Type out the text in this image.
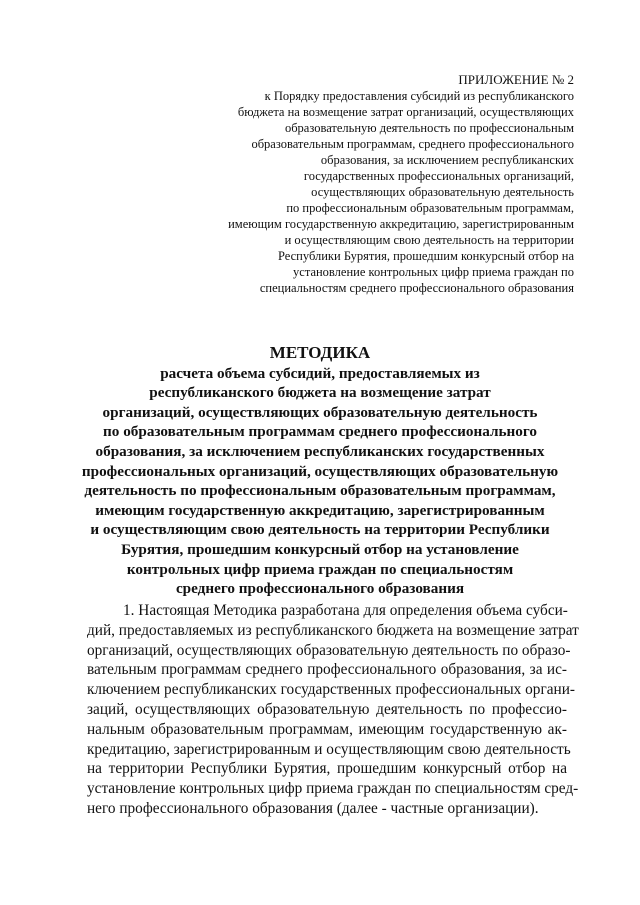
ПРИЛОЖЕНИЕ № 2
к Порядку предоставления субсидий из республиканского
бюджета на возмещение затрат организаций, осуществляющих
образовательную деятельность по профессиональным
образовательным программам, среднего профессионального
образования, за исключением республиканских
государственных профессиональных организаций,
осуществляющих образовательную деятельность
по профессиональным образовательным программам,
имеющим государственную аккредитацию, зарегистрированным
и осуществляющим свою деятельность на территории
Республики Бурятия, прошедшим конкурсный отбор на
установление контрольных цифр приема граждан по
специальностям среднего профессионального образования
МЕТОДИКА
расчета объема субсидий, предоставляемых из
республиканского бюджета на возмещение затрат
организаций, осуществляющих образовательную деятельность
по образовательным программам среднего профессионального
образования, за исключением республиканских государственных
профессиональных организаций, осуществляющих образовательную
деятельность по профессиональным образовательным программам,
имеющим государственную аккредитацию, зарегистрированным
и осуществляющим свою деятельность на территории Республики
Бурятия, прошедшим конкурсный отбор на установление
контрольных цифр приема граждан по специальностям
среднего профессионального образования
1. Настоящая Методика разработана для определения объема субси-
дий, предоставляемых из республиканского бюджета на возмещение затрат
организаций, осуществляющих образовательную деятельность по образо-
вательным программам среднего профессионального образования, за ис-
ключением республиканских государственных профессиональных органи-
заций, осуществляющих образовательную деятельность по профессио-
нальным образовательным программам, имеющим государственную ак-
кредитацию, зарегистрированным и осуществляющим свою деятельность
на территории Республики Бурятия, прошедшим конкурсный отбор на
установление контрольных цифр приема граждан по специальностям сред-
него профессионального образования (далее - частные организации).
